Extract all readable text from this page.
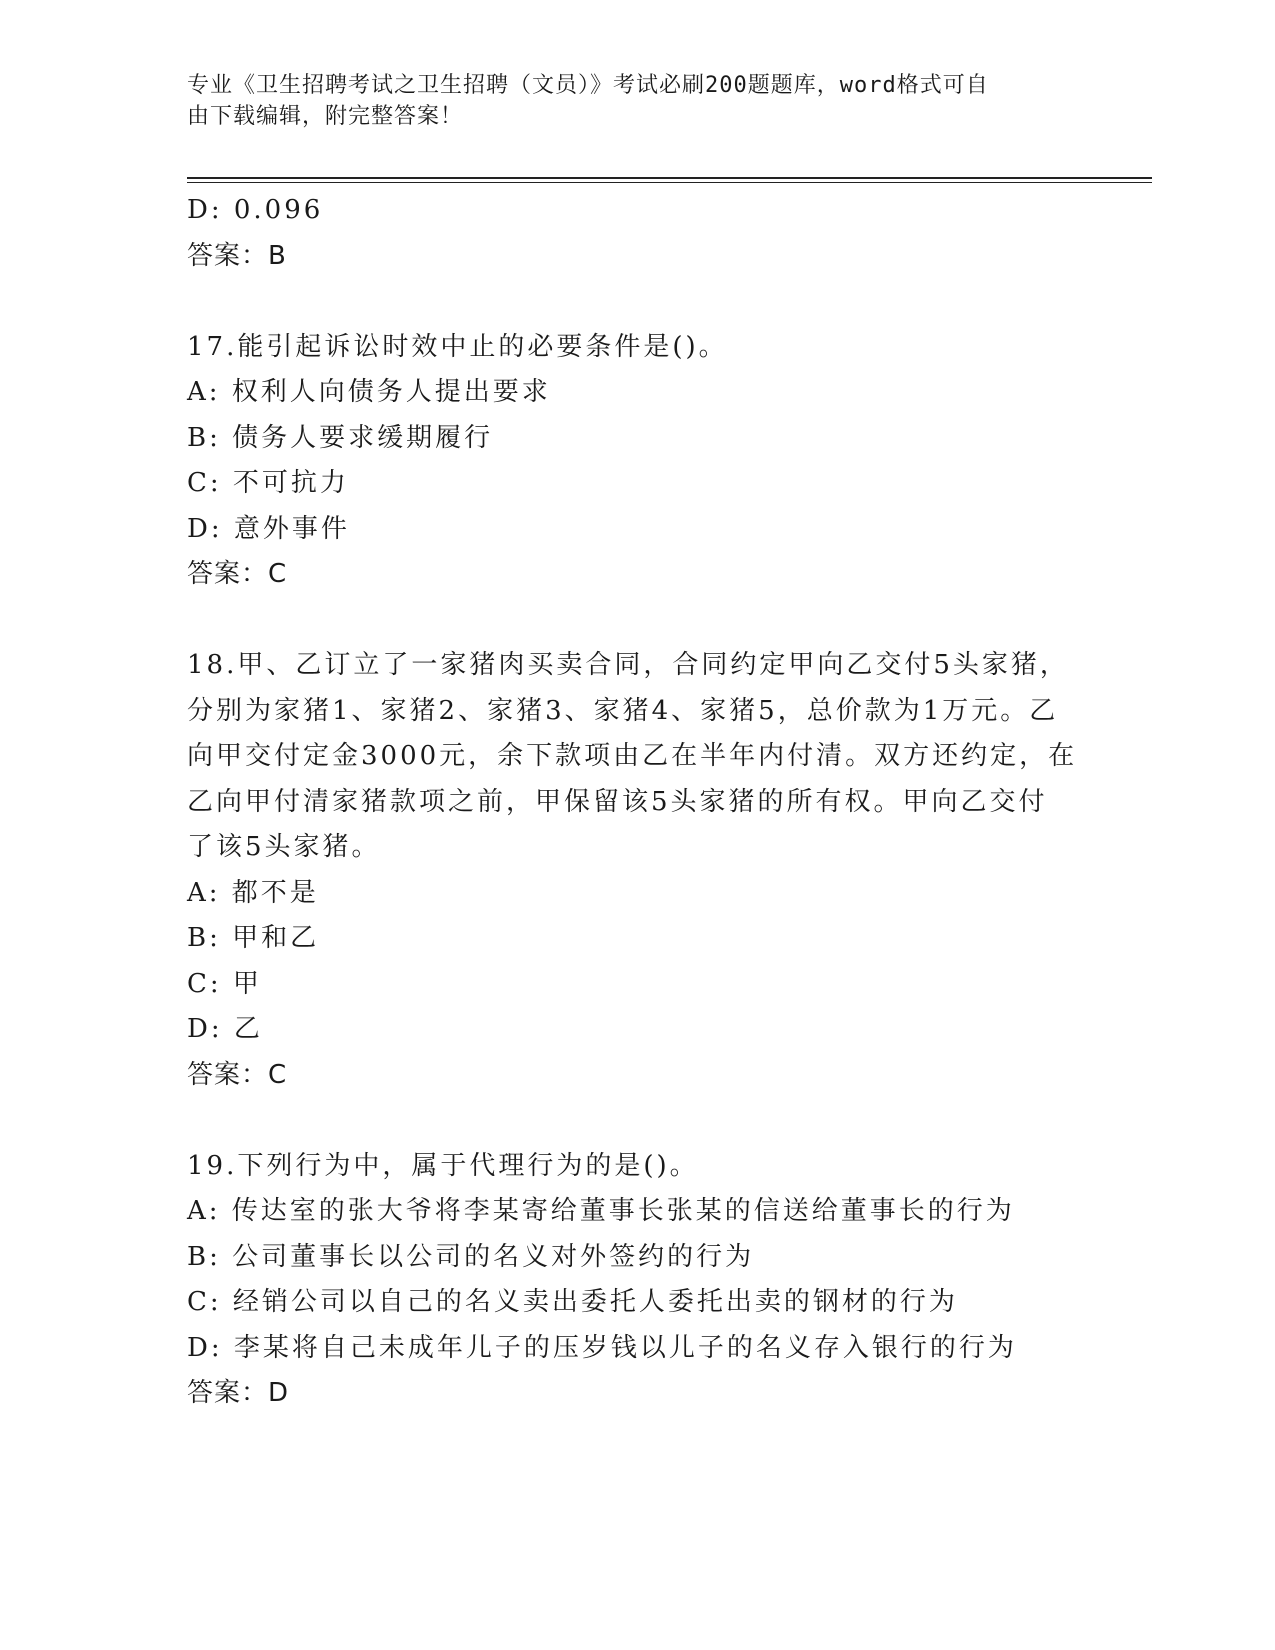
专业《卫生招聘考试之卫生招聘（文员）》考试必刷200题题库，word格式可自
由下载编辑，附完整答案！
D: 0.096
答案：B
17.能引起诉讼时效中止的必要条件是()。
A: 权利人向债务人提出要求
B: 债务人要求缓期履行
C: 不可抗力
D: 意外事件
答案：C
18.甲、乙订立了一家猪肉买卖合同，合同约定甲向乙交付5头家猪，
分别为家猪1、家猪2、家猪3、家猪4、家猪5，总价款为1万元。乙
向甲交付定金3000元，余下款项由乙在半年内付清。双方还约定，在
乙向甲付清家猪款项之前，甲保留该5头家猪的所有权。甲向乙交付
了该5头家猪。
A: 都不是
B: 甲和乙
C: 甲
D: 乙
答案：C
19.下列行为中，属于代理行为的是()。
A: 传达室的张大爷将李某寄给董事长张某的信送给董事长的行为
B: 公司董事长以公司的名义对外签约的行为
C: 经销公司以自己的名义卖出委托人委托出卖的钢材的行为
D: 李某将自己未成年儿子的压岁钱以儿子的名义存入银行的行为
答案：D
